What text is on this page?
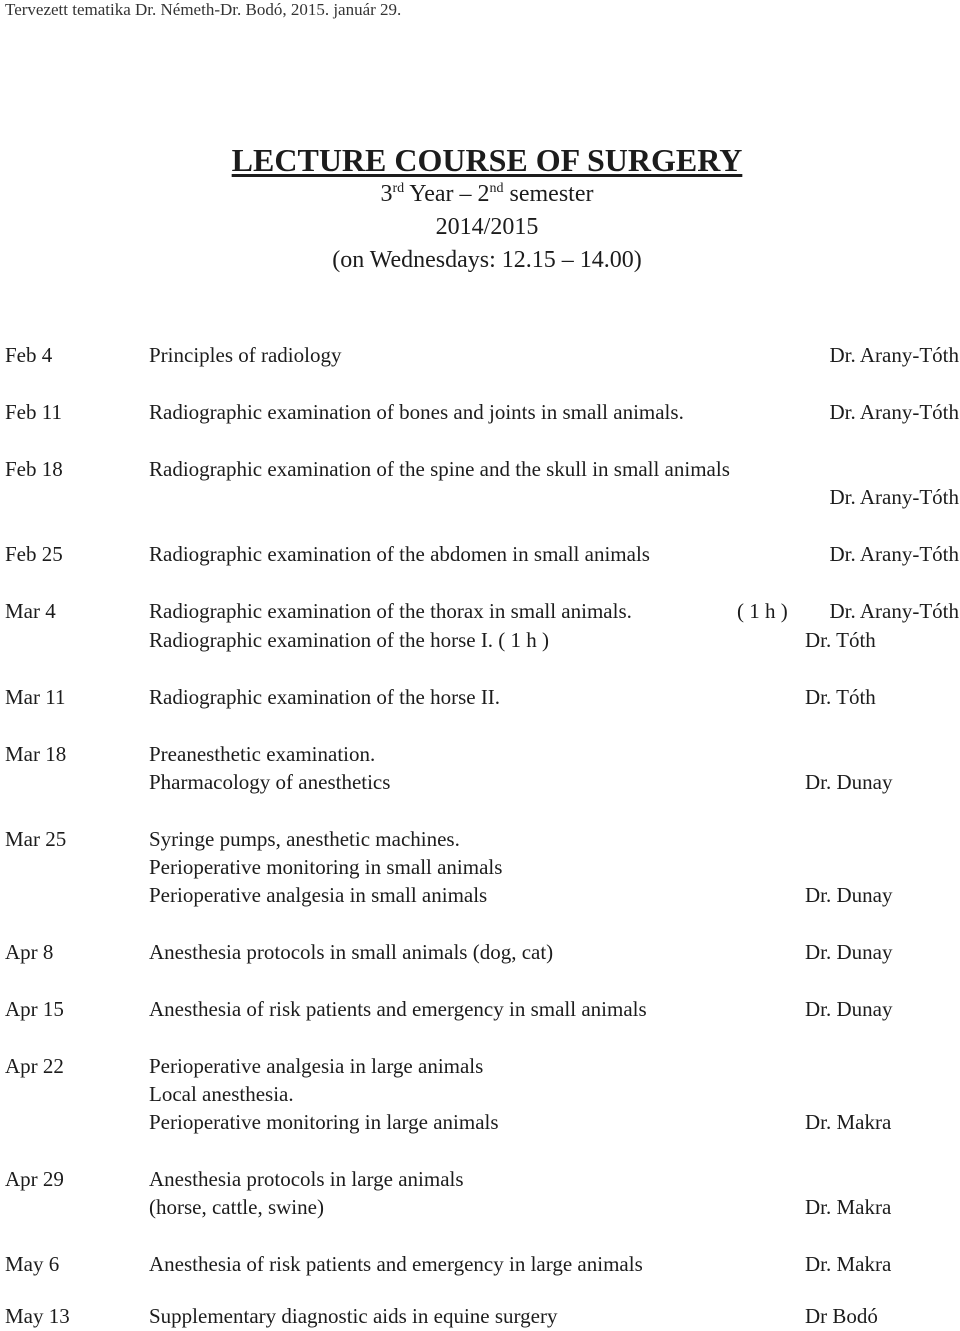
Tervezett tematika Dr. Németh-Dr. Bodó, 2015. január 29.
LECTURE COURSE OF SURGERY
3rd Year – 2nd semester
2014/2015
(on Wednesdays: 12.15 – 14.00)
Feb 4	Principles of radiology	Dr. Arany-Tóth
Feb 11	Radiographic examination of bones and joints in small animals.	Dr. Arany-Tóth
Feb 18	Radiographic examination of the spine and the skull in small animals
Dr. Arany-Tóth
Feb 25	Radiographic examination of the abdomen in small animals	Dr. Arany-Tóth
Mar 4	Radiographic examination of the thorax in small animals.	( 1 h ) Dr. Arany-Tóth
Radiographic examination of the horse I. ( 1 h )	Dr. Tóth
Mar 11	Radiographic examination of the horse II.	Dr. Tóth
Mar 18	Preanesthetic examination.
Pharmacology of anesthetics	Dr. Dunay
Mar 25	Syringe pumps, anesthetic machines.
Perioperative monitoring in small animals
Perioperative analgesia in small animals	Dr. Dunay
Apr 8	Anesthesia protocols in small animals (dog, cat)	Dr. Dunay
Apr 15	Anesthesia of risk patients and emergency in small animals	Dr. Dunay
Apr 22	Perioperative analgesia in large animals
Local anesthesia.
Perioperative monitoring in large animals	Dr. Makra
Apr 29	Anesthesia protocols in large animals
(horse, cattle, swine)	Dr. Makra
May 6	Anesthesia of risk patients and emergency in large animals	Dr. Makra
May 13	Supplementary diagnostic aids in equine surgery	Dr Bodó
